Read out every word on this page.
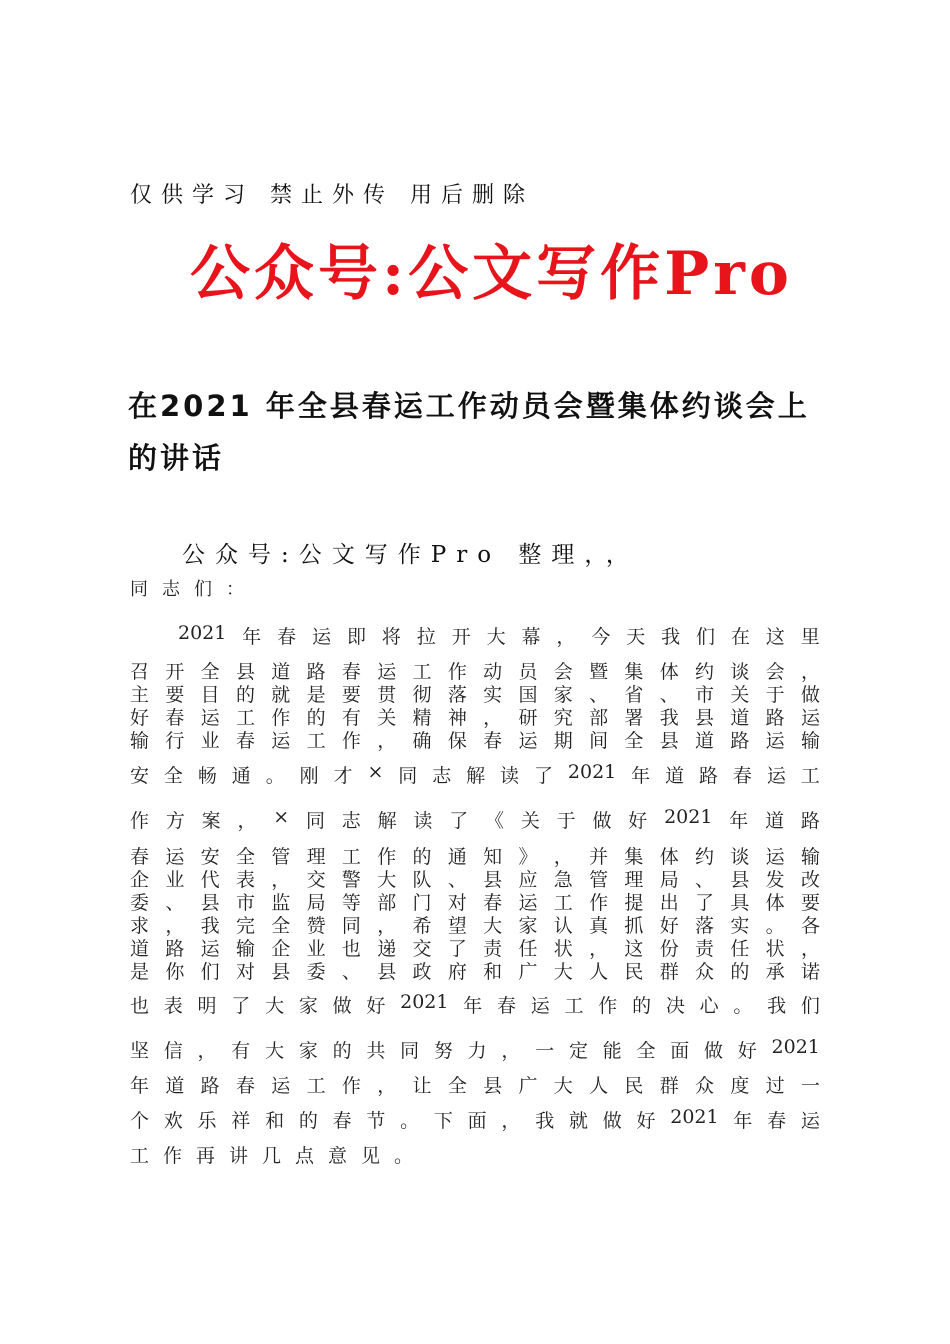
仅供学习 禁止外传 用后删除
公众号:公文写作Pro
在2021 年全县春运工作动员会暨集体约谈会上的讲话
公众号:公文写作Pro 整理，，
同志们：
2021 年 春 运 即 将 拉 开 大 幕 ， 今 天 我 们 在 这 里
召 开 全 县 道 路 春 运 工 作 动 员 会 暨 集 体 约 谈 会 ，
主 要 目 的 就 是 要 贯 彻 落 实 国 家 、 省 、 市 关 于 做
好 春 运 工 作 的 有 关 精 神 ， 研 究 部 署 我 县 道 路 运
输 行 业 春 运 工 作 ， 确 保 春 运 期 间 全 县 道 路 运 输
安 全 畅 通 。 刚 才 × 同 志 解 读 了 2021 年 道 路 春 运 工
作 方 案 ， × 同 志 解 读 了 《 关 于 做 好 2021 年 道 路
春 运 安 全 管 理 工 作 的 通 知 》 ， 并 集 体 约 谈 运 输
企 业 代 表 ， 交 警 大 队 、 县 应 急 管 理 局 、 县 发 改
委 、 县 市 监 局 等 部 门 对 春 运 工 作 提 出 了 具 体 要
求 ， 我 完 全 赞 同 ， 希 望 大 家 认 真 抓 好 落 实 。 各
道 路 运 输 企 业 也 递 交 了 责 任 状 ， 这 份 责 任 状 ，
是 你 们 对 县 委 、 县 政 府 和 广 大 人 民 群 众 的 承 诺
也 表 明 了 大 家 做 好 2021 年 春 运 工 作 的 决 心 。 我 们
坚 信 ， 有 大 家 的 共 同 努 力 ， 一 定 能 全 面 做 好 2021
年 道 路 春 运 工 作 ， 让 全 县 广 大 人 民 群 众 度 过 一
个 欢 乐 祥 和 的 春 节 。 下 面 ， 我 就 做 好 2021 年 春 运
工作再讲几点意见。
